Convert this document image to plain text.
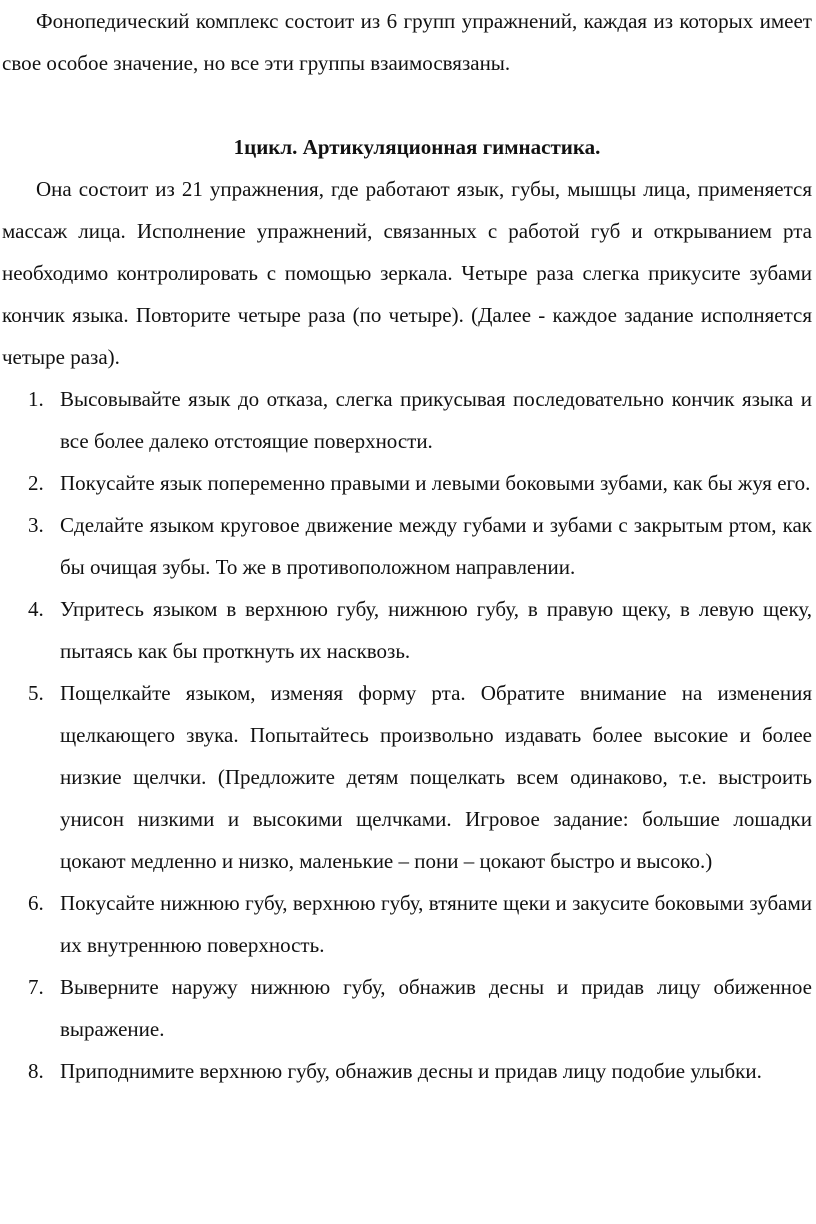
Фонопедический комплекс состоит из 6 групп упражнений, каждая из которых имеет свое особое значение, но все эти группы взаимосвязаны.

1цикл. Артикуляционная гимнастика.

Она состоит из 21 упражнения, где работают язык, губы, мышцы лица, применяется массаж лица. Исполнение упражнений, связанных с работой губ и открыванием рта необходимо контролировать с помощью зеркала. Четыре раза слегка прикусите зубами кончик языка. Повторите четыре раза (по четыре). (Далее - каждое задание исполняется четыре раза).

1. Высовывайте язык до отказа, слегка прикусывая последовательно кончик языка и все более далеко отстоящие поверхности.
2. Покусайте язык попеременно правыми и левыми боковыми зубами, как бы жуя его.
3. Сделайте языком круговое движение между губами и зубами с закрытым ртом, как бы очищая зубы. То же в противоположном направлении.
4. Упритесь языком в верхнюю губу, нижнюю губу, в правую щеку, в левую щеку, пытаясь как бы проткнуть их насквозь.
5. Пощелкайте языком, изменяя форму рта. Обратите внимание на изменения щелкающего звука. Попытайтесь произвольно издавать более высокие и более низкие щелчки. (Предложите детям пощелкать всем одинаково, т.е. выстроить унисон низкими и высокими щелчками. Игровое задание: большие лошадки цокают медленно и низко, маленькие – пони – цокают быстро и высоко.)
6. Покусайте нижнюю губу, верхнюю губу, втяните щеки и закусите боковыми зубами их внутреннюю поверхность.
7. Выверните наружу нижнюю губу, обнажив десны и придав лицу обиженное выражение.
8. Приподнимите верхнюю губу, обнажив десны и придав лицу подобие улыбки.
